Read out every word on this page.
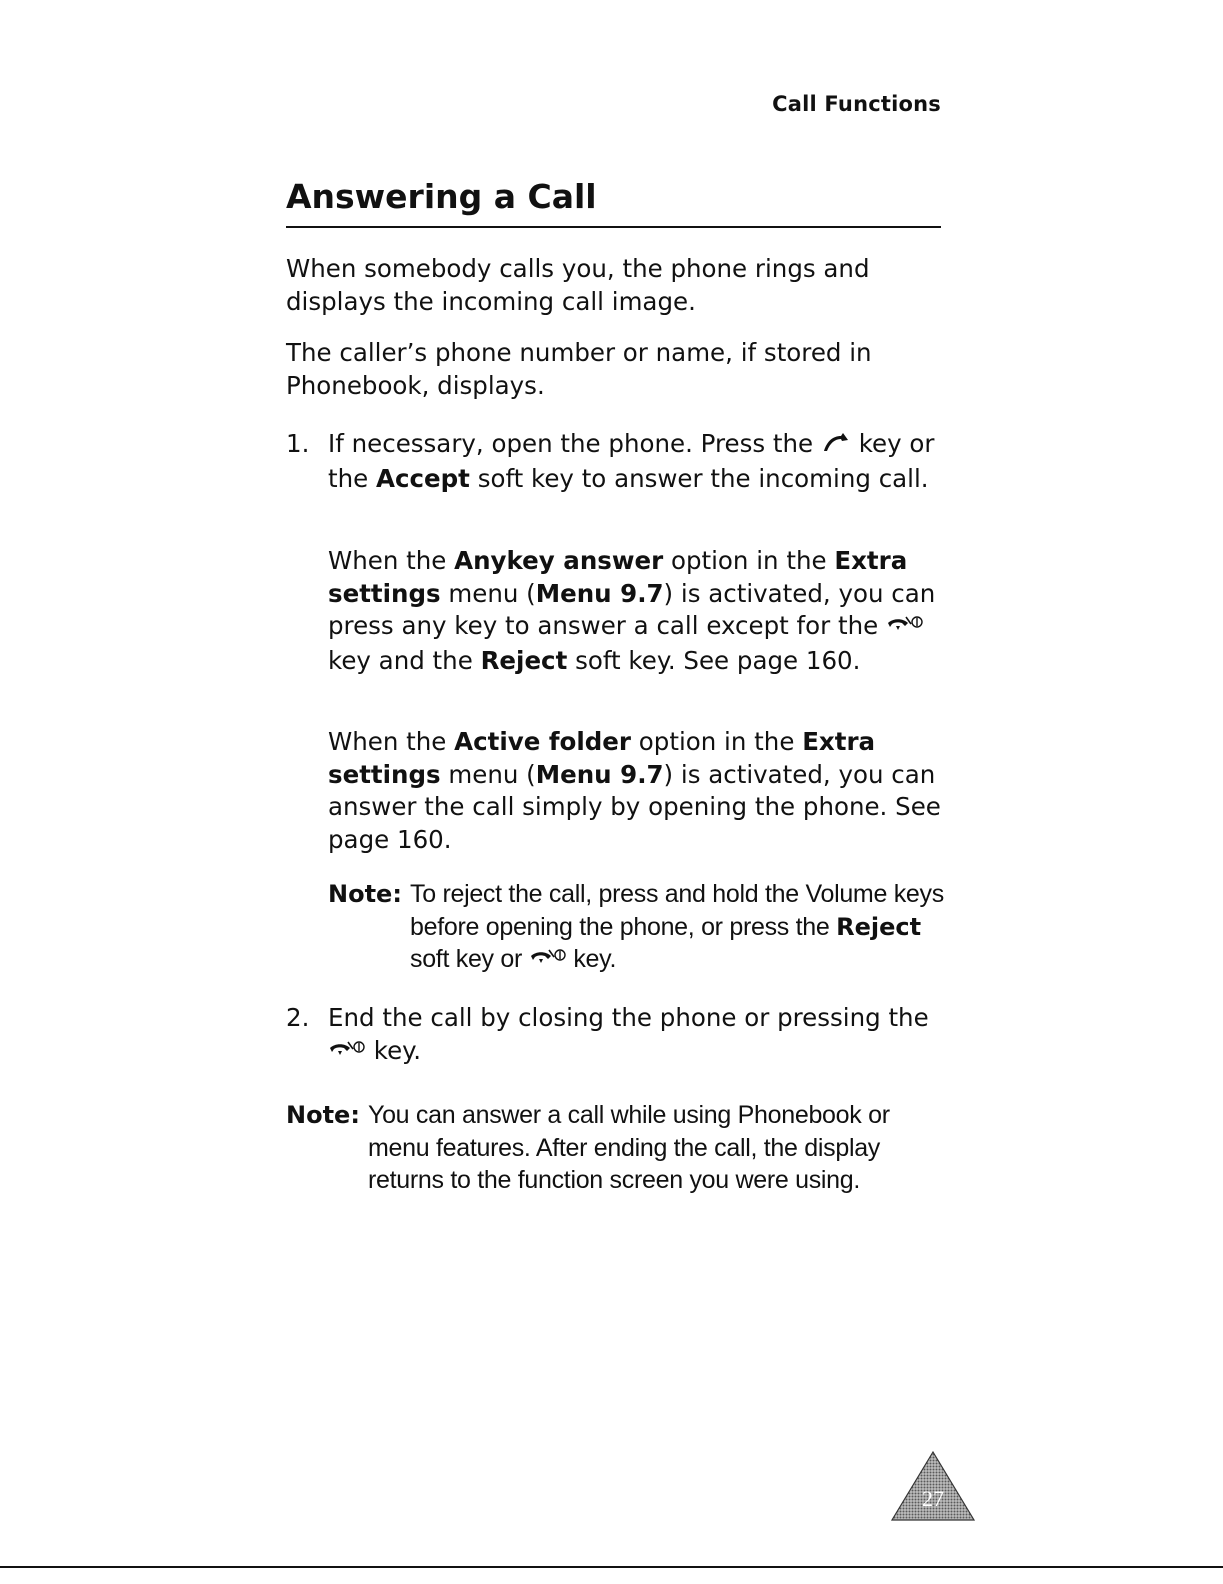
Call Functions
Answering a Call

When somebody calls you, the phone rings and displays the incoming call image.

The caller’s phone number or name, if stored in Phonebook, displays.

1. If necessary, open the phone. Press the key or the Accept soft key to answer the incoming call.

When the Anykey answer option in the Extra settings menu (Menu 9.7) is activated, you can press any key to answer a call except for the  key and the Reject soft key. See page 160.

When the Active folder option in the Extra settings menu (Menu 9.7) is activated, you can answer the call simply by opening the phone. See page 160.

Note: To reject the call, press and hold the Volume keys before opening the phone, or press the Reject soft key or key.

2. End the call by closing the phone or pressing the  key.

Note: You can answer a call while using Phonebook or menu features. After ending the call, the display returns to the function screen you were using.

27
